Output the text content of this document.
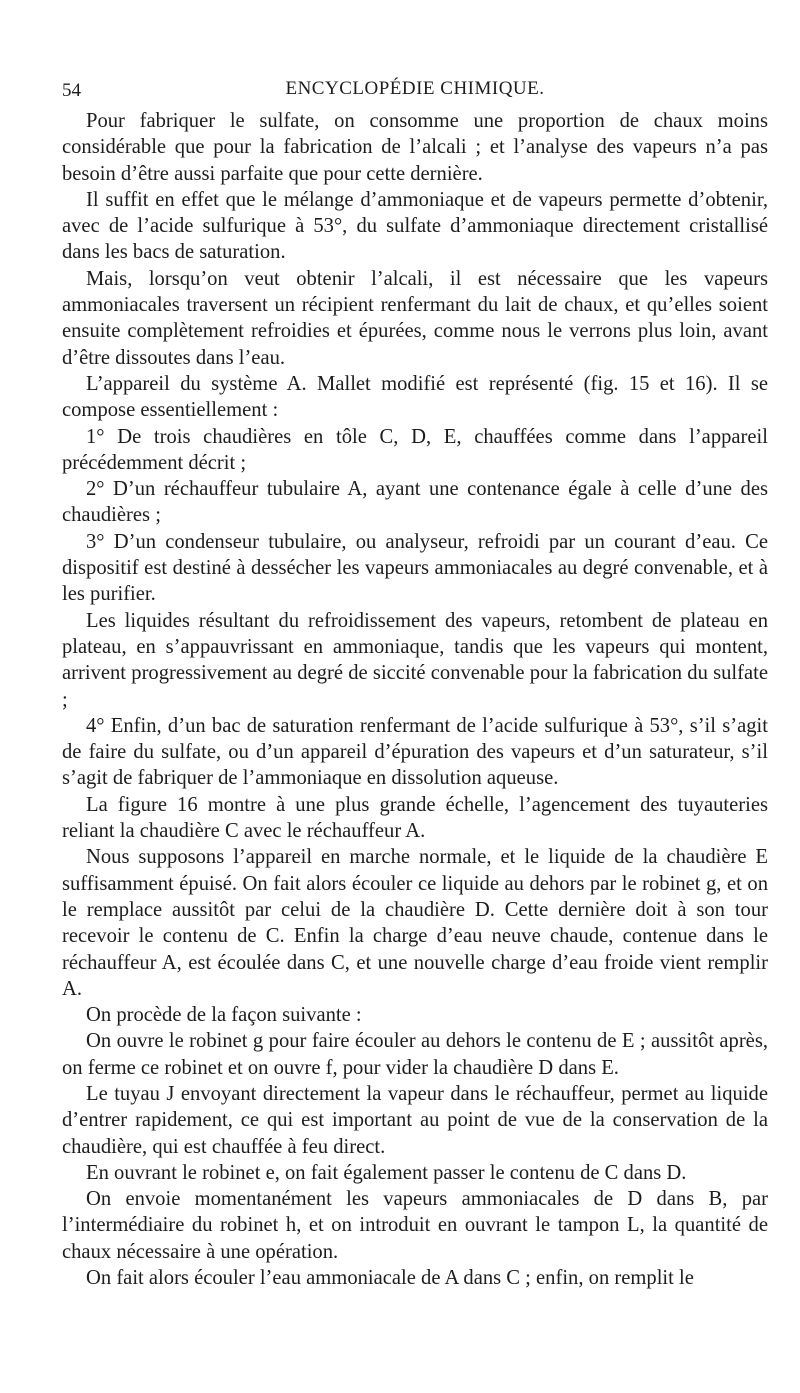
54	ENCYCLOPÉDIE CHIMIQUE.

Pour fabriquer le sulfate, on consomme une proportion de chaux moins considérable que pour la fabrication de l’alcali ; et l’analyse des vapeurs n’a pas besoin d’être aussi parfaite que pour cette dernière.

Il suffit en effet que le mélange d’ammoniaque et de vapeurs permette d’obtenir, avec de l’acide sulfurique à 53°, du sulfate d’ammoniaque directement cristallisé dans les bacs de saturation.

Mais, lorsqu’on veut obtenir l’alcali, il est nécessaire que les vapeurs ammoniacales traversent un récipient renfermant du lait de chaux, et qu’elles soient ensuite complètement refroidies et épurées, comme nous le verrons plus loin, avant d’être dissoutes dans l’eau.

L’appareil du système A. Mallet modifié est représenté (fig. 15 et 16). Il se compose essentiellement :

1° De trois chaudières en tôle C, D, E, chauffées comme dans l’appareil précédemment décrit ;

2° D’un réchauffeur tubulaire A, ayant une contenance égale à celle d’une des chaudières ;

3° D’un condenseur tubulaire, ou analyseur, refroidi par un courant d’eau. Ce dispositif est destiné à dessécher les vapeurs ammoniacales au degré convenable, et à les purifier.

Les liquides résultant du refroidissement des vapeurs, retombent de plateau en plateau, en s’appauvrissant en ammoniaque, tandis que les vapeurs qui montent, arrivent progressivement au degré de siccité convenable pour la fabrication du sulfate ;

4° Enfin, d’un bac de saturation renfermant de l’acide sulfurique à 53°, s’il s’agit de faire du sulfate, ou d’un appareil d’épuration des vapeurs et d’un saturateur, s’il s’agit de fabriquer de l’ammoniaque en dissolution aqueuse.

La figure 16 montre à une plus grande échelle, l’agencement des tuyauteries reliant la chaudière C avec le réchauffeur A.

Nous supposons l’appareil en marche normale, et le liquide de la chaudière E suffisamment épuisé. On fait alors écouler ce liquide au dehors par le robinet g, et on le remplace aussitôt par celui de la chaudière D. Cette dernière doit à son tour recevoir le contenu de C. Enfin la charge d’eau neuve chaude, contenue dans le réchauffeur A, est écoulée dans C, et une nouvelle charge d’eau froide vient remplir A.

On procède de la façon suivante :

On ouvre le robinet g pour faire écouler au dehors le contenu de E ; aussitôt après, on ferme ce robinet et on ouvre f, pour vider la chaudière D dans E.

Le tuyau J envoyant directement la vapeur dans le réchauffeur, permet au liquide d’entrer rapidement, ce qui est important au point de vue de la conservation de la chaudière, qui est chauffée à feu direct.

En ouvrant le robinet e, on fait également passer le contenu de C dans D.

On envoie momentanément les vapeurs ammoniacales de D dans B, par l’intermédiaire du robinet h, et on introduit en ouvrant le tampon L, la quantité de chaux nécessaire à une opération.

On fait alors écouler l’eau ammoniacale de A dans C ; enfin, on remplit le
